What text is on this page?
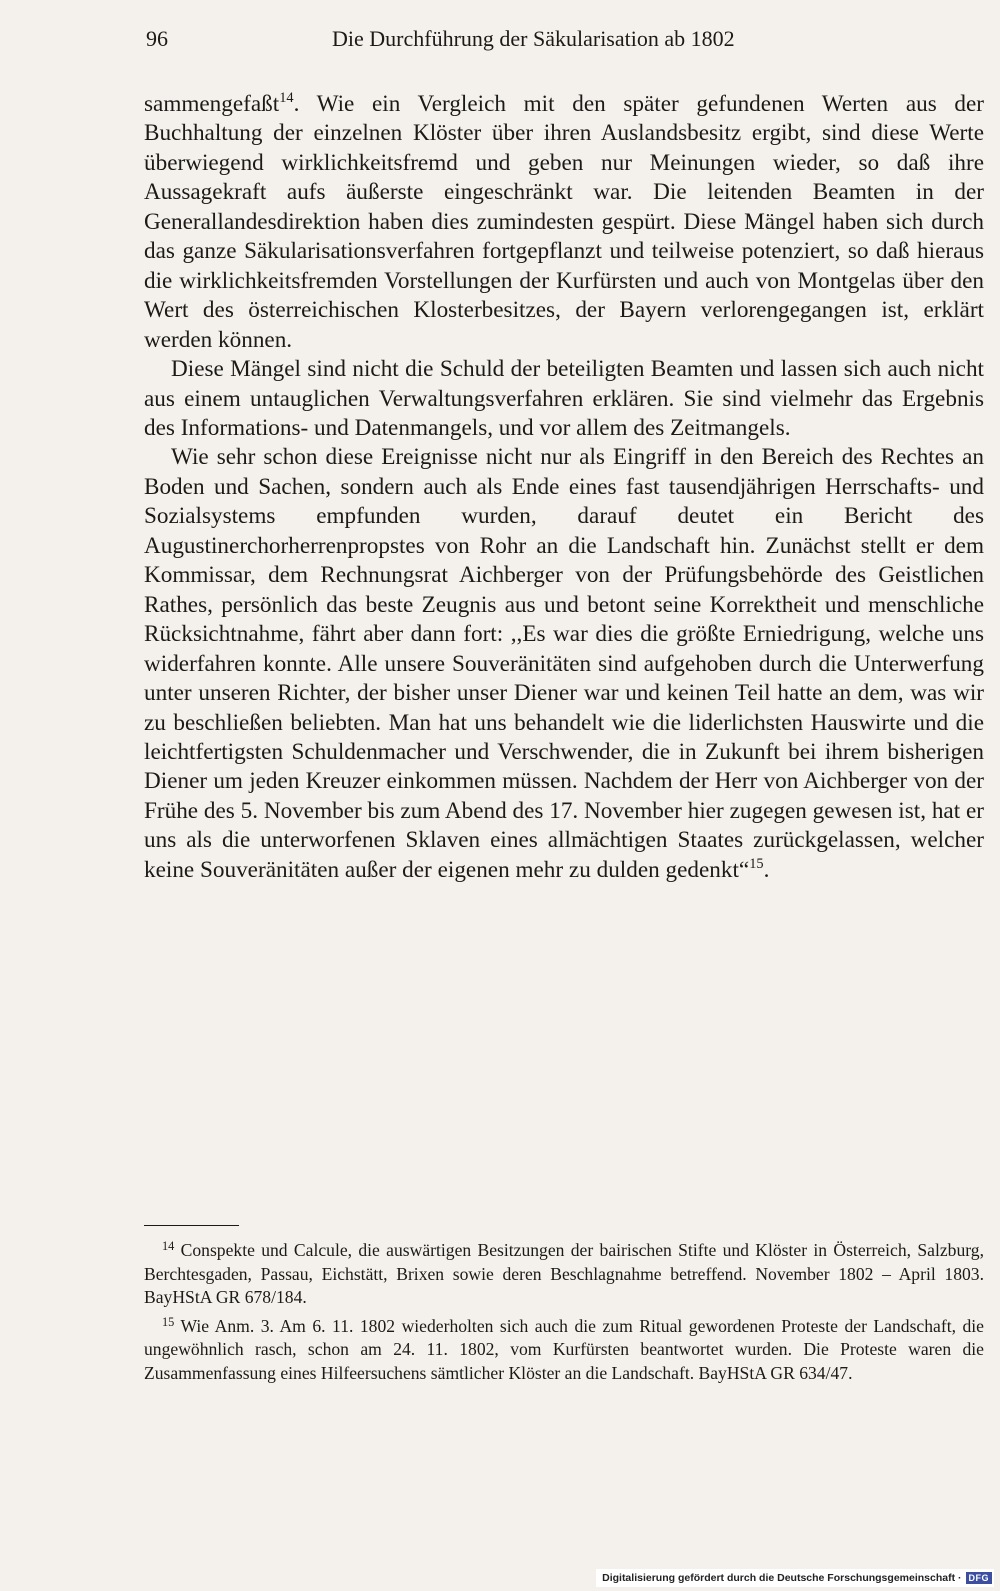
96	Die Durchführung der Säkularisation ab 1802

sammengefaßt$^{14}$. Wie ein Vergleich mit den später gefundenen Werten aus der Buchhaltung der einzelnen Klöster über ihren Auslandsbesitz ergibt, sind diese Werte überwiegend wirklichkeitsfremd und geben nur Meinungen wieder, so daß ihre Aussagekraft aufs äußerste eingeschränkt war. Die leitenden Beamten in der Generallandesdirektion haben dies zumindesten gespürt. Diese Mängel haben sich durch das ganze Säkularisationsverfahren fortgepflanzt und teilweise potenziert, so daß hieraus die wirklichkeitsfremden Vorstellungen der Kurfürsten und auch von Montgelas über den Wert des österreichischen Klosterbesitzes, der Bayern verlorengegangen ist, erklärt werden können.

Diese Mängel sind nicht die Schuld der beteiligten Beamten und lassen sich auch nicht aus einem untauglichen Verwaltungsverfahren erklären. Sie sind vielmehr das Ergebnis des Informations- und Datenmangels, und vor allem des Zeitmangels.

Wie sehr schon diese Ereignisse nicht nur als Eingriff in den Bereich des Rechtes an Boden und Sachen, sondern auch als Ende eines fast tausendjährigen Herrschafts- und Sozialsystems empfunden wurden, darauf deutet ein Bericht des Augustinerchorherrenpropstes von Rohr an die Landschaft hin. Zunächst stellt er dem Kommissar, dem Rechnungsrat Aichberger von der Prüfungsbehörde des Geistlichen Rathes, persönlich das beste Zeugnis aus und betont seine Korrektheit und menschliche Rücksichtnahme, fährt aber dann fort: ,,Es war dies die größte Erniedrigung, welche uns widerfahren konnte. Alle unsere Souveränitäten sind aufgehoben durch die Unterwerfung unter unseren Richter, der bisher unser Diener war und keinen Teil hatte an dem, was wir zu beschließen beliebten. Man hat uns behandelt wie die liderlichsten Hauswirte und die leichtfertigsten Schuldenmacher und Verschwender, die in Zukunft bei ihrem bisherigen Diener um jeden Kreuzer einkommen müssen. Nachdem der Herr von Aichberger von der Frühe des 5. November bis zum Abend des 17. November hier zugegen gewesen ist, hat er uns als die unterworfenen Sklaven eines allmächtigen Staates zurückgelassen, welcher keine Souveränitäten außer der eigenen mehr zu dulden gedenkt“$^{15}$.

$^{14}$ Conspekte und Calcule, die auswärtigen Besitzungen der bairischen Stifte und Klöster in Österreich, Salzburg, Berchtesgaden, Passau, Eichstätt, Brixen sowie deren Beschlagnahme betreffend. November 1802 – April 1803. BayHStA GR 678/184.

$^{15}$ Wie Anm. 3. Am 6. 11. 1802 wiederholten sich auch die zum Ritual gewordenen Proteste der Landschaft, die ungewöhnlich rasch, schon am 24. 11. 1802, vom Kurfürsten beantwortet wurden. Die Proteste waren die Zusammenfassung eines Hilfeersuchens sämtlicher Klöster an die Landschaft. BayHStA GR 634/47.

Digitalisierung gefördert durch die Deutsche Forschungsgemeinschaft · DFG
